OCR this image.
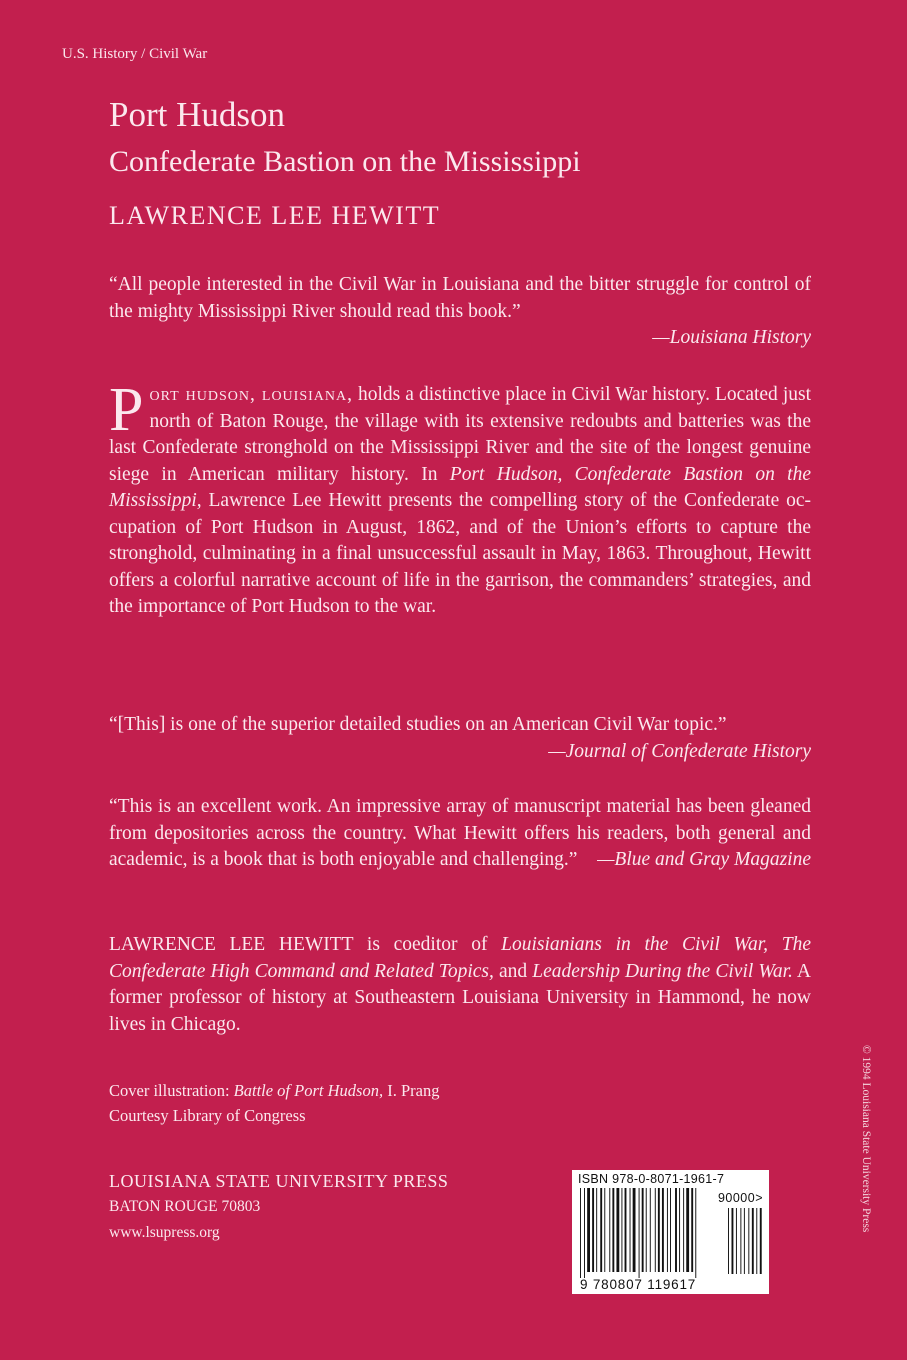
U.S. History / Civil War
Port Hudson
Confederate Bastion on the Mississippi
LAWRENCE LEE HEWITT

“All people interested in the Civil War in Louisiana and the bitter struggle for control of the mighty Mississippi River should read this book.”
—Louisiana History

Port hudson, louisiana, holds a distinctive place in Civil War history. Located just north of Baton Rouge, the village with its extensive redoubts and batteries was the last Confederate stronghold on the Mississippi River and the site of the longest genuine siege in American military history. In Port Hudson, Confederate Bastion on the Mississippi, Lawrence Lee Hewitt presents the compelling story of the Confederate occupation of Port Hudson in August, 1862, and of the Union’s efforts to capture the stronghold, culminating in a final unsuccessful assault in May, 1863. Throughout, Hewitt offers a colorful narrative account of life in the garrison, the commanders’ strategies, and the importance of Port Hudson to the war.

“[This] is one of the superior detailed studies on an American Civil War topic.”
—Journal of Confederate History

“This is an excellent work. An impressive array of manuscript material has been gleaned from depositories across the country. What Hewitt offers his readers, both general and academic, is a book that is both enjoyable and challenging.” —Blue and Gray Magazine

LAWRENCE LEE HEWITT is coeditor of Louisianians in the Civil War, The Confederate High Command and Related Topics, and Leadership During the Civil War. A former professor of history at Southeastern Louisiana University in Hammond, he now lives in Chicago.

Cover illustration: Battle of Port Hudson, I. Prang
Courtesy Library of Congress
LOUISIANA STATE UNIVERSITY PRESS
BATON ROUGE 70803
www.lsupress.org
ISBN 978-0-8071-1961-7
90000>
9 780807 119617
© 1994 Louisiana State University Press
